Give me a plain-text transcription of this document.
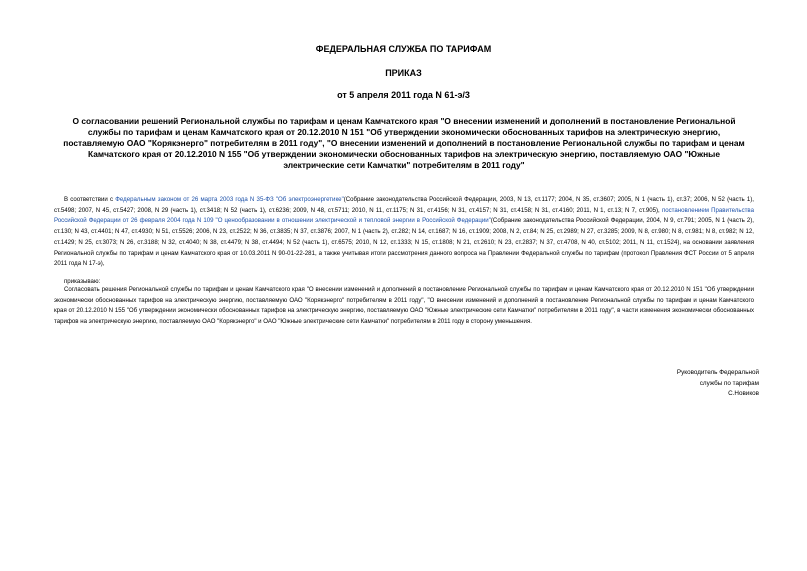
ФЕДЕРАЛЬНАЯ СЛУЖБА ПО ТАРИФАМ
ПРИКАЗ
от 5 апреля 2011 года N 61-э/3
О согласовании решений Региональной службы по тарифам и ценам Камчатского края "О внесении изменений и дополнений в постановление Региональной службы по тарифам и ценам Камчатского края от 20.12.2010 N 151 "Об утверждении экономически обоснованных тарифов на электрическую энергию, поставляемую ОАО "Корякэнерго" потребителям в 2011 году", "О внесении изменений и дополнений в постановление Региональной службы по тарифам и ценам Камчатского края от 20.12.2010 N 155 "Об утверждении экономически обоснованных тарифов на электрическую энергию, поставляемую ОАО "Южные электрические сети Камчатки" потребителям в 2011 году"
В соответствии с Федеральным законом от 26 марта 2003 года N 35-ФЗ "Об электроэнергетике"(Собрание законодательства Российской Федерации, 2003, N 13, ст.1177; 2004, N 35, ст.3607; 2005, N 1 (часть 1), ст.37; 2006, N 52 (часть 1), ст.5498; 2007, N 45, ст.5427; 2008, N 29 (часть 1), ст.3418; N 52 (часть 1), ст.6236; 2009, N 48, ст.5711; 2010, N 11, ст.1175; N 31, ст.4156; N 31, ст.4157; N 31, ст.4158; N 31, ст.4160; 2011, N 1, ст.13; N 7, ст.905), постановлением Правительства Российской Федерации от 26 февраля 2004 года N 109 "О ценообразовании в отношении электрической и тепловой энергии в Российской Федерации"(Собрание законодательства Российской Федерации, 2004, N 9, ст.791; 2005, N 1 (часть 2), ст.130; N 43, ст.4401; N 47, ст.4930; N 51, ст.5526; 2006, N 23, ст.2522; N 36, ст.3835; N 37, ст.3876; 2007, N 1 (часть 2), ст.282; N 14, ст.1687; N 16, ст.1909; 2008, N 2, ст.84; N 25, ст.2989; N 27, ст.3285; 2009, N 8, ст.980; N 8, ст.981; N 8, ст.982; N 12, ст.1429; N 25, ст.3073; N 26, ст.3188; N 32, ст.4040; N 38, ст.4479; N 38, ст.4494; N 52 (часть 1), ст.6575; 2010, N 12, ст.1333; N 15, ст.1808; N 21, ст.2610; N 23, ст.2837; N 37, ст.4708, N 40, ст.5102; 2011, N 11, ст.1524), на основании заявления Региональной службы по тарифам и ценам Камчатского края от 10.03.2011 N 90-01-22-281, а также учитывая итоги рассмотрения данного вопроса на Правлении Федеральной службы по тарифам (протокол Правления ФСТ России от 5 апреля 2011 года N 17-э),
приказываю:
Согласовать решения Региональной службы по тарифам и ценам Камчатского края "О внесении изменений и дополнений в постановление Региональной службы по тарифам и ценам Камчатского края от 20.12.2010 N 151 "Об утверждении экономически обоснованных тарифов на электрическую энергию, поставляемую ОАО "Корякэнерго" потребителям в 2011 году", "О внесении изменений и дополнений в постановление Региональной службы по тарифам и ценам Камчатского края от 20.12.2010 N 155 "Об утверждении экономически обоснованных тарифов на электрическую энергию, поставляемую ОАО "Южные электрические сети Камчатки" потребителям в 2011 году", в части изменения экономически обоснованных тарифов на электрическую энергию, поставляемую ОАО "Корякэнерго" и ОАО "Южные электрические сети Камчатки" потребителям в 2011 году в сторону уменьшения.
Руководитель Федеральной
службы по тарифам
С.Новиков
